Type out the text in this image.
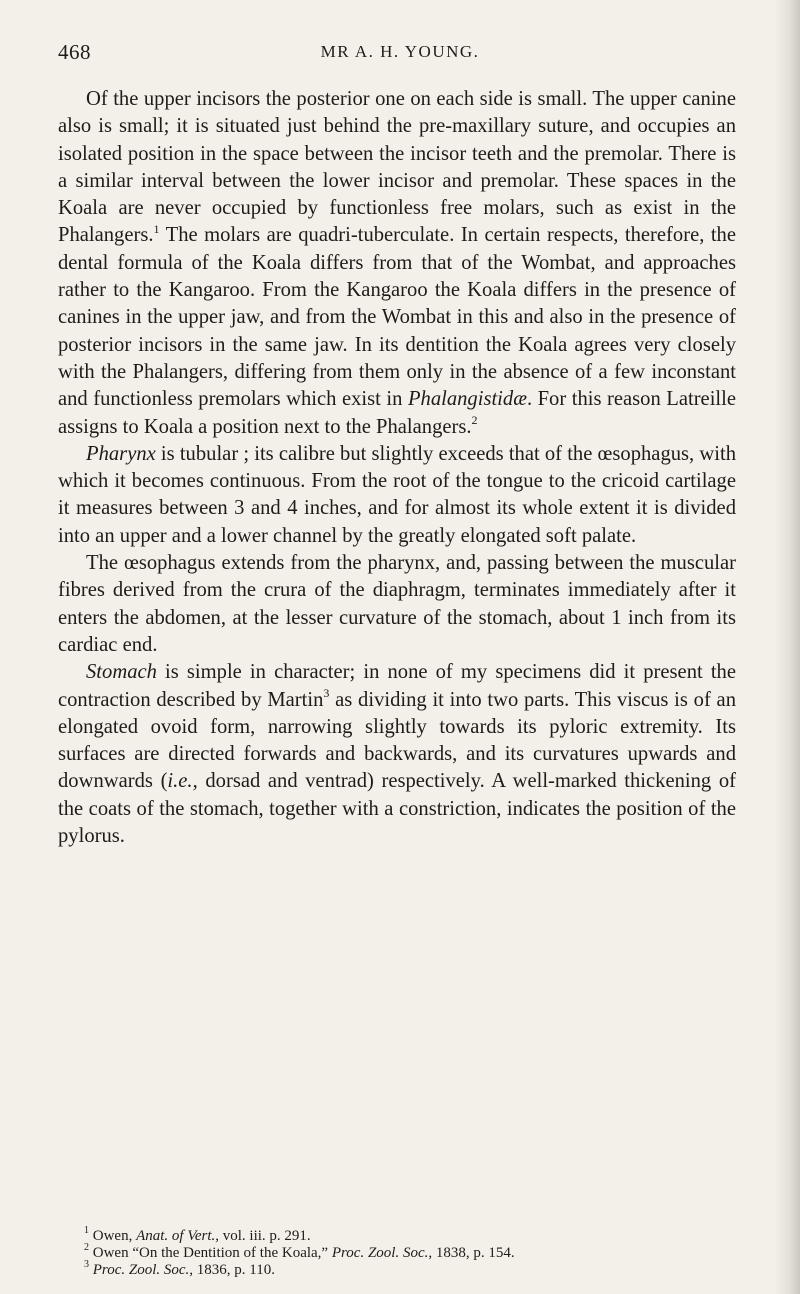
468	MR A. H. YOUNG.

Of the upper incisors the posterior one on each side is small. The upper canine also is small; it is situated just behind the pre-maxillary suture, and occupies an isolated position in the space between the incisor teeth and the premolar. There is a similar interval between the lower incisor and premolar. These spaces in the Koala are never occupied by functionless free molars, such as exist in the Phalangers.$^1$ The molars are quadri-tuberculate. In certain respects, therefore, the dental formula of the Koala differs from that of the Wombat, and approaches rather to the Kangaroo. From the Kangaroo the Koala differs in the presence of canines in the upper jaw, and from the Wombat in this and also in the presence of posterior incisors in the same jaw. In its dentition the Koala agrees very closely with the Phalangers, differing from them only in the absence of a few inconstant and functionless premolars which exist in Phalangistidæ. For this reason Latreille assigns to Koala a position next to the Phalangers.$^2$

Pharynx is tubular ; its calibre but slightly exceeds that of the œsophagus, with which it becomes continuous. From the root of the tongue to the cricoid cartilage it measures between 3 and 4 inches, and for almost its whole extent it is divided into an upper and a lower channel by the greatly elongated soft palate.

The œsophagus extends from the pharynx, and, passing between the muscular fibres derived from the crura of the diaphragm, terminates immediately after it enters the abdomen, at the lesser curvature of the stomach, about 1 inch from its cardiac end.

Stomach is simple in character; in none of my specimens did it present the contraction described by Martin$^3$ as dividing it into two parts. This viscus is of an elongated ovoid form, narrowing slightly towards its pyloric extremity. Its surfaces are directed forwards and backwards, and its curvatures upwards and downwards (i.e., dorsad and ventrad) respectively. A well-marked thickening of the coats of the stomach, together with a constriction, indicates the position of the pylorus.

$^1$ Owen, Anat. of Vert., vol. iii. p. 291.
$^2$ Owen “On the Dentition of the Koala,” Proc. Zool. Soc., 1838, p. 154.
$^3$ Proc. Zool. Soc., 1836, p. 110.
